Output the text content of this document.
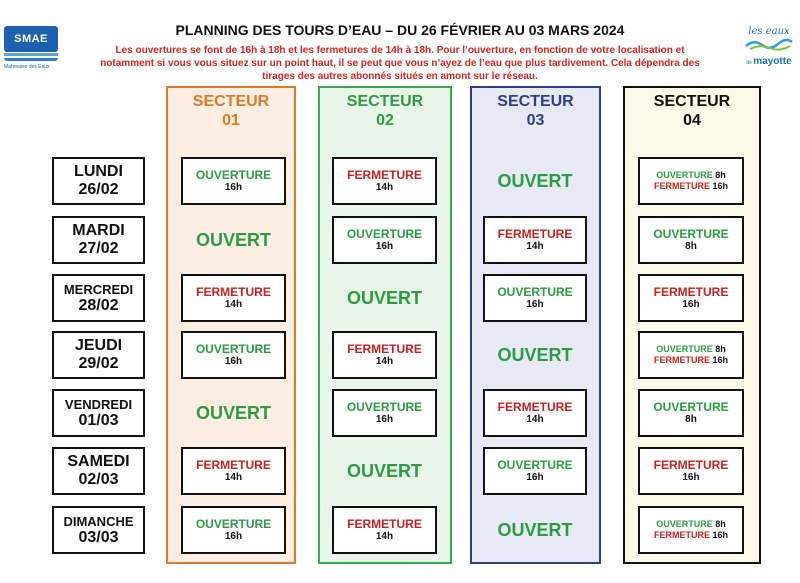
SMAE
Mahoraise des Eaux
les eaux
de mayotte
PLANNING DES TOURS D’EAU – DU 26 FÉVRIER AU 03 MARS 2024
Les ouvertures se font de 16h à 18h et les fermetures de 14h à 18h. Pour l’ouverture, en fonction de votre localisation et notamment si vous vous situez sur un point haut, il se peut que vous n’ayez de l’eau que plus tardivement. Cela dépendra des tirages des autres abonnés situés en amont sur le réseau.
SECTEUR
01
SECTEUR
02
SECTEUR
03
SECTEUR
04
LUNDI
26/02
MARDI
27/02
MERCREDI
28/02
JEUDI
29/02
VENDREDI
01/03
SAMEDI
02/03
DIMANCHE
03/03
OUVERTURE
16h
OUVERT
FERMETURE
14h
OUVERTURE
16h
OUVERT
FERMETURE
14h
OUVERTURE
16h
FERMETURE
14h
OUVERTURE
16h
OUVERT
FERMETURE
14h
OUVERTURE
16h
OUVERT
FERMETURE
14h
OUVERT
FERMETURE
14h
OUVERTURE
16h
OUVERT
FERMETURE
14h
OUVERTURE
16h
OUVERT
OUVERTURE 8h
FERMETURE 16h
OUVERTURE
8h
FERMETURE
16h
OUVERTURE 8h
FERMETURE 16h
OUVERTURE
8h
FERMETURE
16h
OUVERTURE 8h
FERMETURE 16h
